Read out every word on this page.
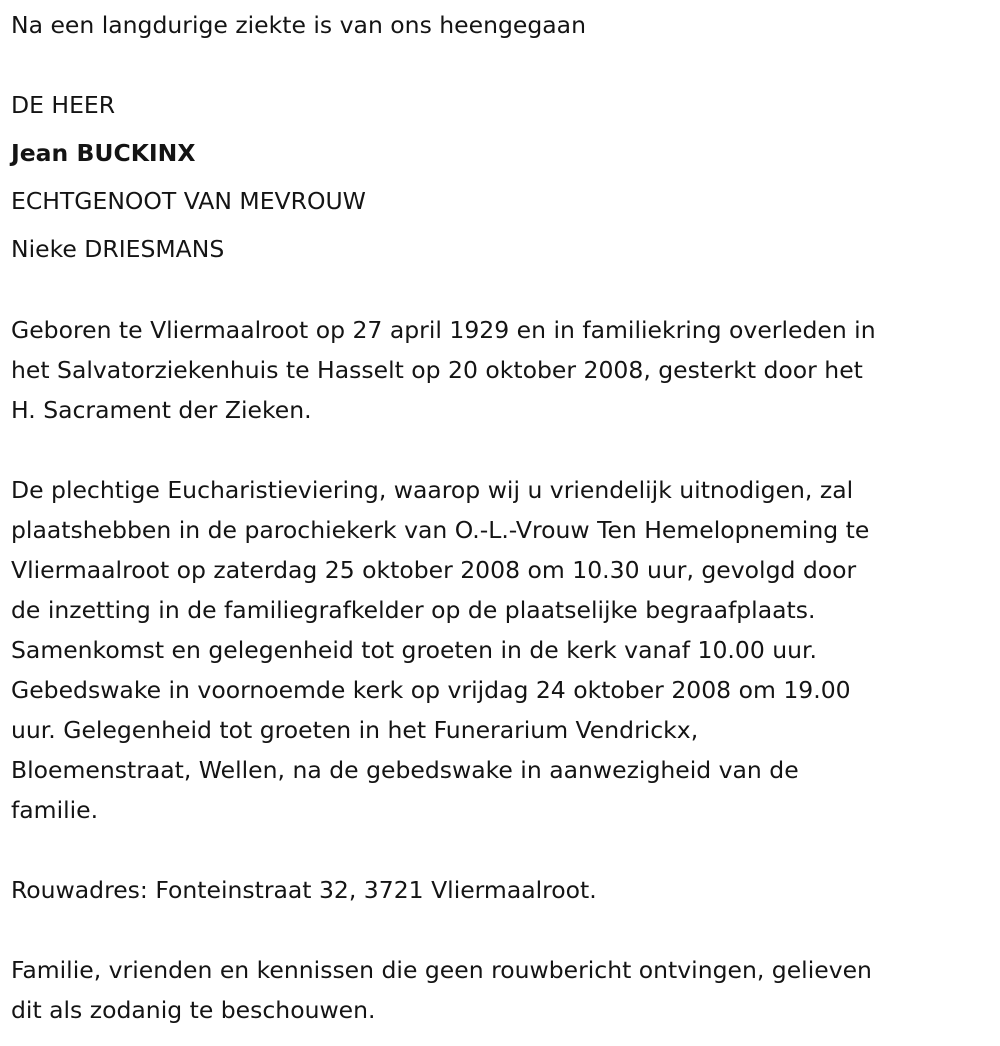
Na een langdurige ziekte is van ons heengegaan
DE HEER
Jean BUCKINX
ECHTGENOOT VAN MEVROUW
Nieke DRIESMANS
Geboren te Vliermaalroot op 27 april 1929 en in familiekring overleden in
het Salvatorziekenhuis te Hasselt op 20 oktober 2008, gesterkt door het
H. Sacrament der Zieken.
De plechtige Eucharistieviering, waarop wij u vriendelijk uitnodigen, zal
plaatshebben in de parochiekerk van O.-L.-Vrouw Ten Hemelopneming te
Vliermaalroot op zaterdag 25 oktober 2008 om 10.30 uur, gevolgd door
de inzetting in de familiegrafkelder op de plaatselijke begraafplaats.
Samenkomst en gelegenheid tot groeten in de kerk vanaf 10.00 uur.
Gebedswake in voornoemde kerk op vrijdag 24 oktober 2008 om 19.00
uur. Gelegenheid tot groeten in het Funerarium Vendrickx,
Bloemenstraat, Wellen, na de gebedswake in aanwezigheid van de
familie.
Rouwadres: Fonteinstraat 32, 3721 Vliermaalroot.
Familie, vrienden en kennissen die geen rouwbericht ontvingen, gelieven
dit als zodanig te beschouwen.
